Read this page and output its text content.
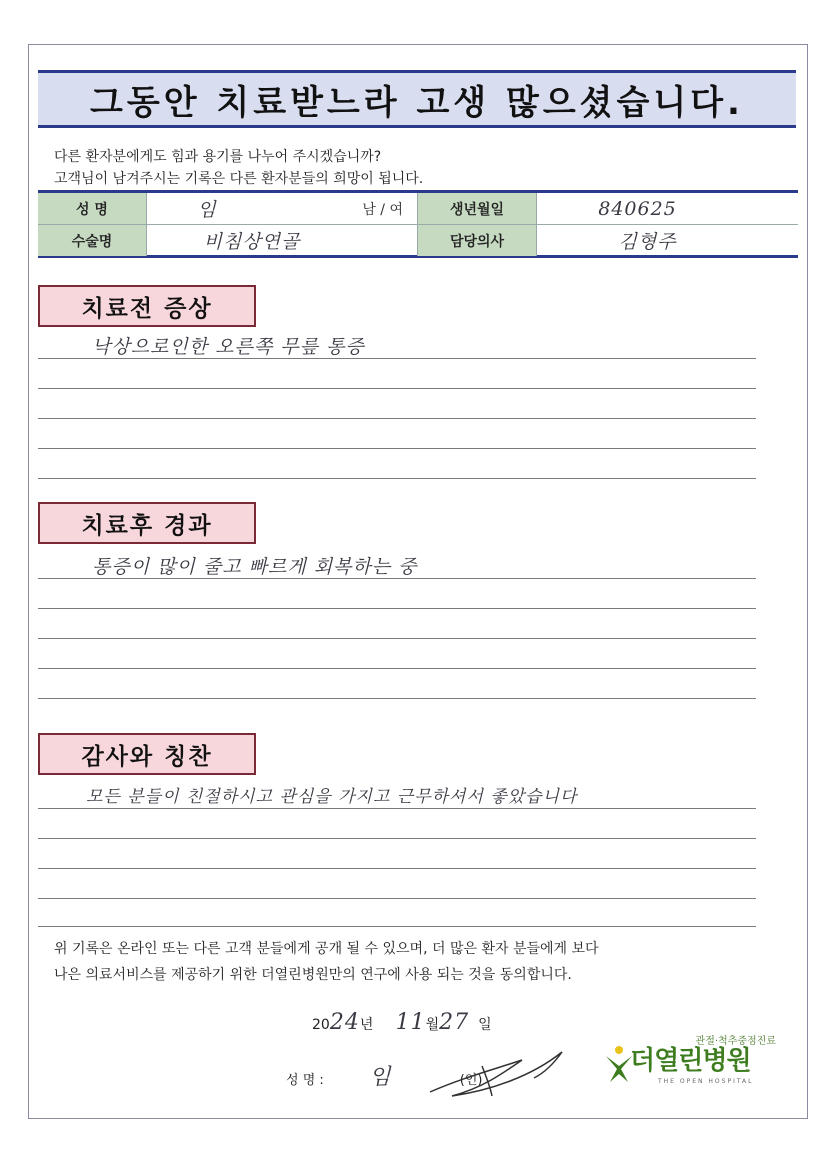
그동안 치료받느라 고생 많으셨습니다.
다른 환자분에게도 힘과 용기를 나누어 주시겠습니까?
고객님이 남겨주시는 기록은 다른 환자분들의 희망이 됩니다.
성 명	임	남 / 여	생년월일	840625
수술명	비침상연골	담당의사	김형주
치료전 증상
낙상으로인한 오른쪽 무릎 통증
치료후 경과
통증이 많이 줄고 빠르게 회복하는 중
감사와 칭찬
모든 분들이 친절하시고 관심을 가지고 근무하셔서 좋았습니다
위 기록은 온라인 또는 다른 고객 분들에게 공개 될 수 있으며, 더 많은 환자 분들에게 보다
나은 의료서비스를 제공하기 위한 더열린병원만의 연구에 사용 되는 것을 동의합니다.
2024년 11월27 일
성 명 : 임	(인)
관절·척추중점진료
더열린병원
THE OPEN HOSPITAL
